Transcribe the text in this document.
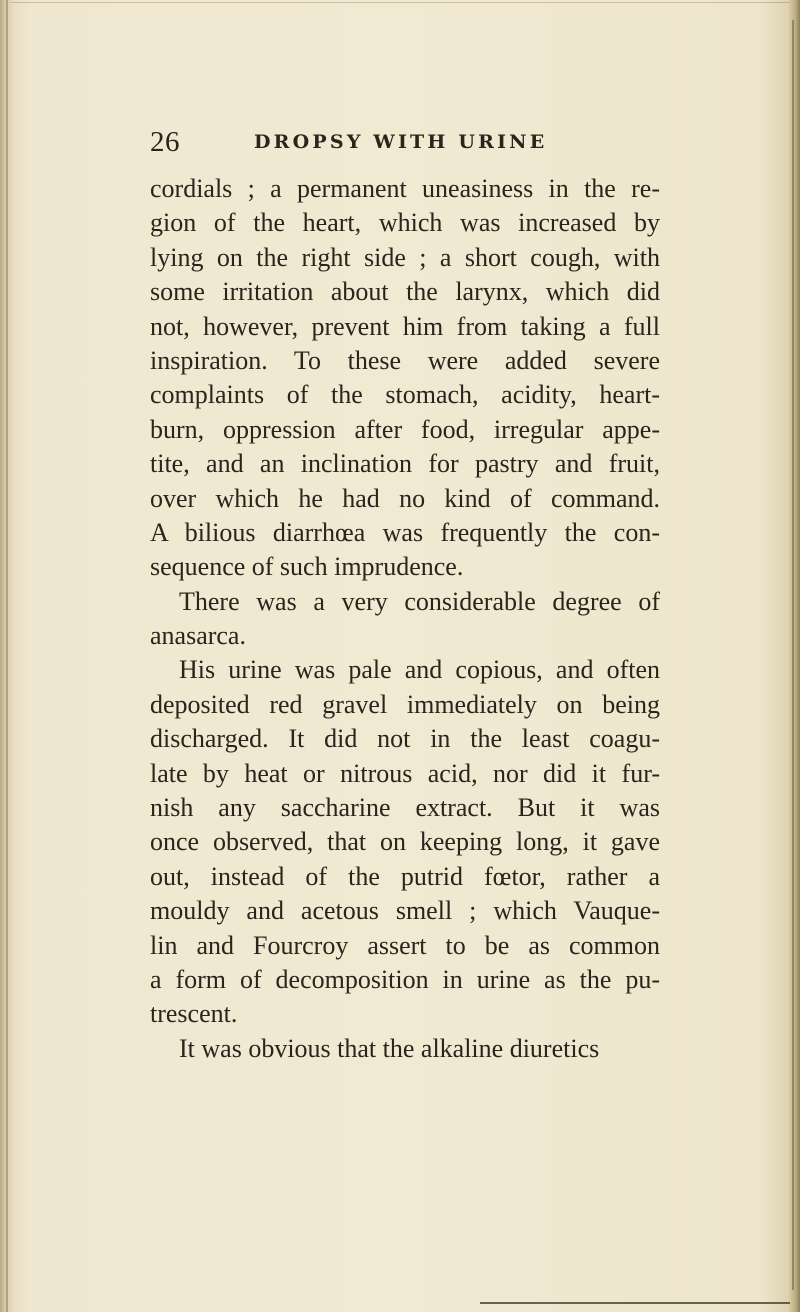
26	DROPSY WITH URINE
cordials ; a permanent uneasiness in the re-
gion of the heart, which was increased by
lying on the right side ; a short cough, with
some irritation about the larynx, which did
not, however, prevent him from taking a full
inspiration. To these were added severe
complaints of the stomach, acidity, heart-
burn, oppression after food, irregular appe-
tite, and an inclination for pastry and fruit,
over which he had no kind of command.
A bilious diarrhœa was frequently the con-
sequence of such imprudence.
There was a very considerable degree of
anasarca.
His urine was pale and copious, and often
deposited red gravel immediately on being
discharged. It did not in the least coagu-
late by heat or nitrous acid, nor did it fur-
nish any saccharine extract. But it was
once observed, that on keeping long, it gave
out, instead of the putrid fœtor, rather a
mouldy and acetous smell ; which Vauque-
lin and Fourcroy assert to be as common
a form of decomposition in urine as the pu-
trescent.
It was obvious that the alkaline diuretics
